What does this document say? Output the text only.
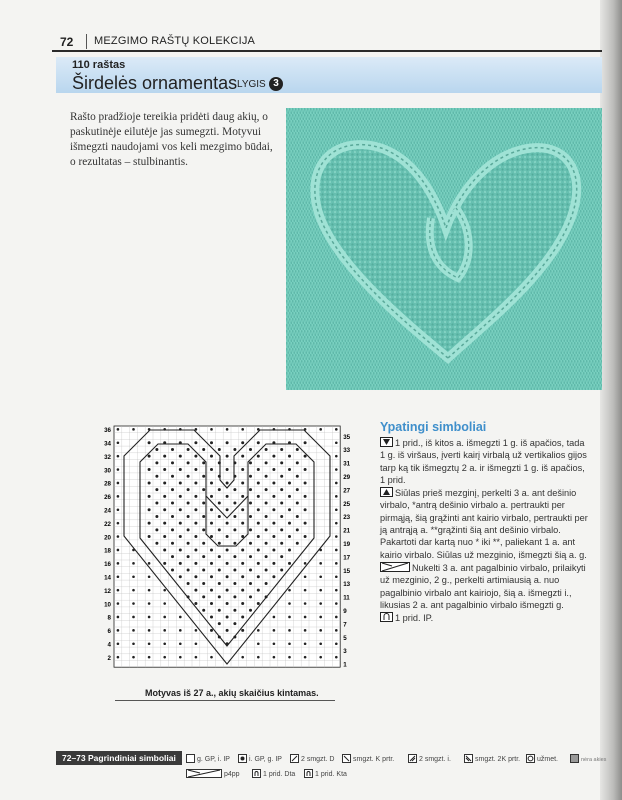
72 MEZGIMO RAŠTŲ KOLEKCIJA
110 raštas
Širdelės ornamentas LYGIS 3

Rašto pradžioje tereikia pridėti daug akių, o paskutinėje eilutėje jas sumegzti. Motyvui išmegzti naudojami vos keli mezgimo būdai, o rezultatas – stulbinantis.

36
34
32
30
28
26
24
22
20
18
16
14
12
10
8
6
4
2
35
33
31
29
27
25
23
21
19
17
15
13
11
9
7
5
3
1
Motyvas iš 27 a., akių skaičius kintamas.
Ypatingi simboliai

1 prid., iš kitos a. išmegzti 1 g. iš apačios, tada 1 g. iš viršaus, įverti kairį virbalą už vertikalios gijos tarp ką tik išmegztų 2 a. ir išmegzti 1 g. iš apačios, 1 prid.

Siūlas prieš mezginį, perkelti 3 a. ant dešinio virbalo, *antrą dešinio virbalo a. pertraukti per pirmąją, šią grąžinti ant kairio virbalo, pertraukti per ją antrąją a. **grąžinti šią ant dešinio virbalo. Pakartoti dar kartą nuo * iki **, paliekant 1 a. ant kairio virbalo. Siūlas už mezginio, išmegzti šią a. g.

Nukelti 3 a. ant pagalbinio virbalo, prilaikyti už mezginio, 2 g., perkelti artimiausią a. nuo pagalbinio virbalo ant kairiojo, šią a. išmegzti i., likusias 2 a. ant pagalbinio virbalo išmegzti g.

1 prid. IP.

72–73 Pagrindiniai simboliai	g. GP, i. IP	i. GP, g. IP	2 smgzt. D	smgzt. K prtr.	2 smgzt. i.	smgzt. 2K prtr.	užmet.	nėra akies
p4pp	1 prid. Dta	1 prid. Kta
